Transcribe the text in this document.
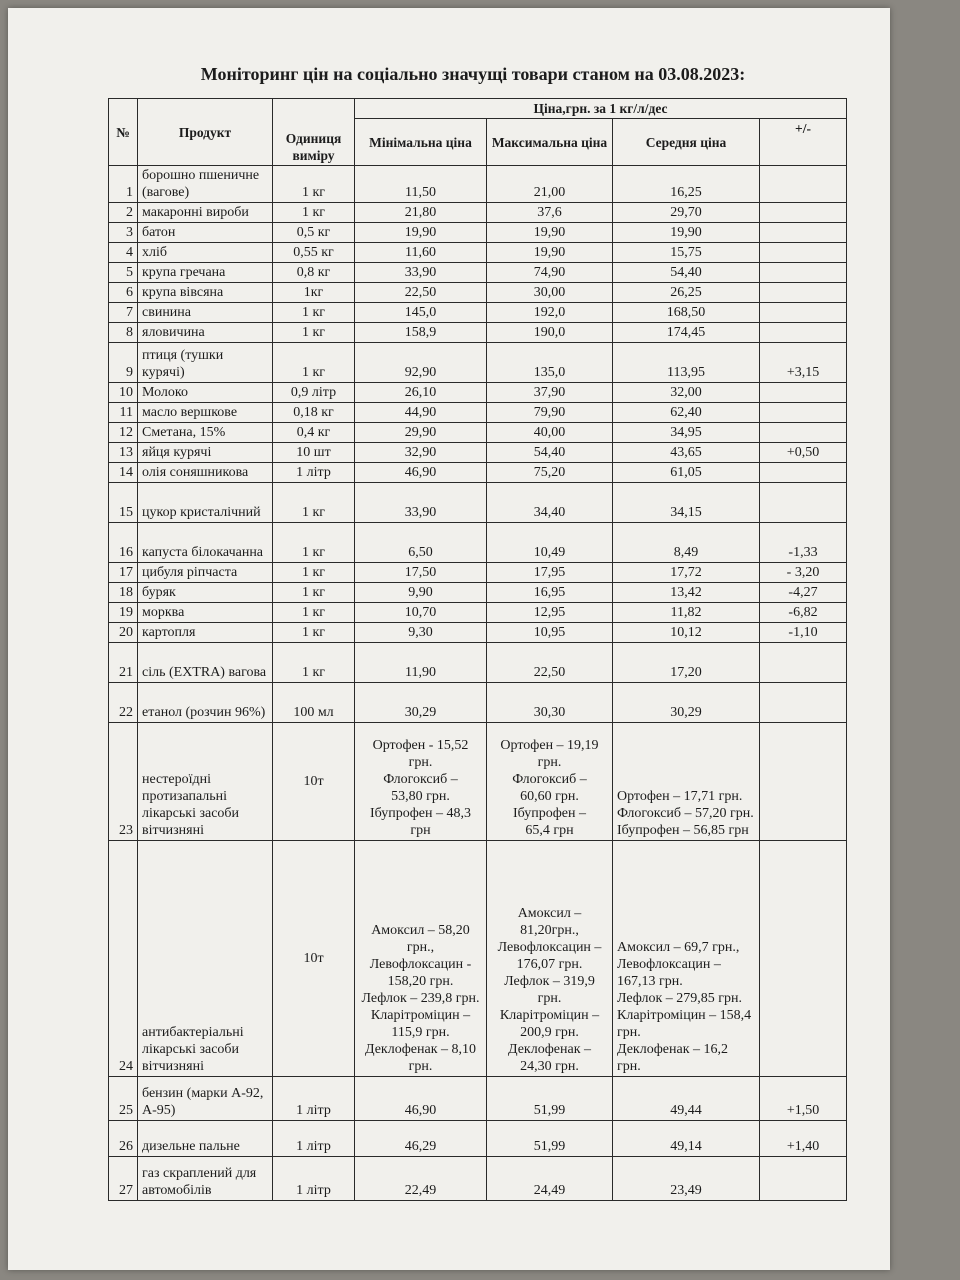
Моніторинг цін на соціально значущі товари станом на 03.08.2023:
№	Продукт	Одиниця виміру	Ціна,грн. за 1 кг/л/дес			
			Мінімальна ціна	Максимальна ціна	Середня ціна	+/-
1	борошно пшеничне (вагове)	1 кг	11,50	21,00	16,25	
2	макаронні вироби	1 кг	21,80	37,6	29,70	
3	батон	0,5 кг	19,90	19,90	19,90	
4	хліб	0,55 кг	11,60	19,90	15,75	
5	крупа гречана	0,8 кг	33,90	74,90	54,40	
6	крупа вівсяна	1кг	22,50	30,00	26,25	
7	свинина	1 кг	145,0	192,0	168,50	
8	яловичина	1 кг	158,9	190,0	174,45	
9	птиця (тушки курячі)	1 кг	92,90	135,0	113,95	+3,15
10	Молоко	0,9 літр	26,10	37,90	32,00	
11	масло вершкове	0,18 кг	44,90	79,90	62,40	
12	Сметана, 15%	0,4 кг	29,90	40,00	34,95	
13	яйця курячі	10 шт	32,90	54,40	43,65	+0,50
14	олія соняшникова	1 літр	46,90	75,20	61,05	
15	цукор кристалічний	1 кг	33,90	34,40	34,15	
16	капуста білокачанна	1 кг	6,50	10,49	8,49	-1,33
17	цибуля ріпчаста	1 кг	17,50	17,95	17,72	- 3,20
18	буряк	1 кг	9,90	16,95	13,42	-4,27
19	морква	1 кг	10,70	12,95	11,82	-6,82
20	картопля	1 кг	9,30	10,95	10,12	-1,10
21	сіль (EXTRA) вагова	1 кг	11,90	22,50	17,20	
22	етанол (розчин 96%)	100 мл	30,29	30,30	30,29	
23	нестероїдні протизапальні лікарські засоби вітчизняні	10т	Ортофен - 15,52 грн.
Флогоксиб –
53,80 грн.
Ібупрофен – 48,3 грн	Ортофен – 19,19 грн.
Флогоксиб –
60,60 грн.
Ібупрофен –
65,4 грн	Ортофен – 17,71 грн.
Флогоксиб – 57,20 грн.
Ібупрофен – 56,85 грн	
24	антибактеріальні лікарські засоби вітчизняні	10т	Амоксил – 58,20 грн.,
Левофлоксацин - 158,20 грн.
Лефлок – 239,8 грн.
Кларітроміцин – 115,9 грн.
Деклофенак – 8,10 грн.	Амоксил – 81,20грн.,
Левофлоксацин – 176,07 грн.
Лефлок – 319,9 грн.
Кларітроміцин – 200,9 грн.
Деклофенак – 24,30 грн.	Амоксил – 69,7 грн.,
Левофлоксацин – 167,13 грн.
Лефлок – 279,85 грн.
Кларітроміцин – 158,4 грн.
Деклофенак – 16,2 грн.	
25	бензин (марки А-92, А-95)	1 літр	46,90	51,99	49,44	+1,50
26	дизельне пальне	1 літр	46,29	51,99	49,14	+1,40
27	газ скраплений для автомобілів	1 літр	22,49	24,49	23,49	
